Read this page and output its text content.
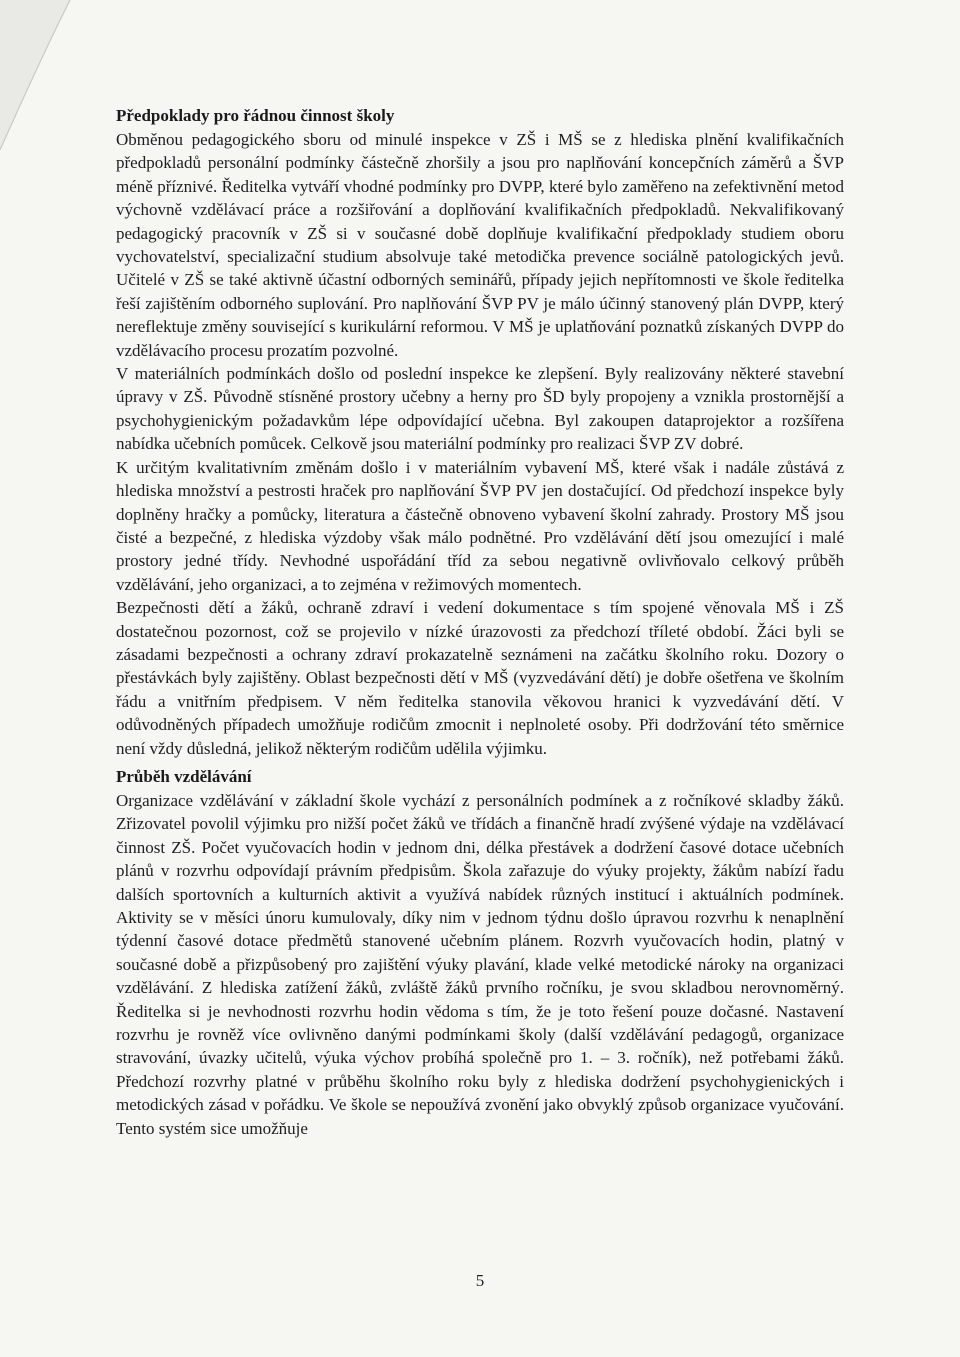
Předpoklady pro řádnou činnost školy

Obměnou pedagogického sboru od minulé inspekce v ZŠ i MŠ se z hlediska plnění kvalifikačních předpokladů personální podmínky částečně zhoršily a jsou pro naplňování koncepčních záměrů a ŠVP méně příznivé. Ředitelka vytváří vhodné podmínky pro DVPP, které bylo zaměřeno na zefektivnění metod výchovně vzdělávací práce a rozšiřování a doplňování kvalifikačních předpokladů. Nekvalifikovaný pedagogický pracovník v ZŠ si v současné době doplňuje kvalifikační předpoklady studiem oboru vychovatelství, specializační studium absolvuje také metodička prevence sociálně patologických jevů. Učitelé v ZŠ se také aktivně účastní odborných seminářů, případy jejich nepřítomnosti ve škole ředitelka řeší zajištěním odborného suplování. Pro naplňování ŠVP PV je málo účinný stanovený plán DVPP, který nereflektuje změny související s kurikulární reformou. V MŠ je uplatňování poznatků získaných DVPP do vzdělávacího procesu prozatím pozvolné.

V materiálních podmínkách došlo od poslední inspekce ke zlepšení. Byly realizovány některé stavební úpravy v ZŠ. Původně stísněné prostory učebny a herny pro ŠD byly propojeny a vznikla prostornější a psychohygienickým požadavkům lépe odpovídající učebna. Byl zakoupen dataprojektor a rozšířena nabídka učebních pomůcek. Celkově jsou materiální podmínky pro realizaci ŠVP ZV dobré.

K určitým kvalitativním změnám došlo i v materiálním vybavení MŠ, které však i nadále zůstává z hlediska množství a pestrosti hraček pro naplňování ŠVP PV jen dostačující. Od předchozí inspekce byly doplněny hračky a pomůcky, literatura a částečně obnoveno vybavení školní zahrady. Prostory MŠ jsou čisté a bezpečné, z hlediska výzdoby však málo podnětné. Pro vzdělávání dětí jsou omezující i malé prostory jedné třídy. Nevhodné uspořádání tříd za sebou negativně ovlivňovalo celkový průběh vzdělávání, jeho organizaci, a to zejména v režimových momentech.

Bezpečnosti dětí a žáků, ochraně zdraví i vedení dokumentace s tím spojené věnovala MŠ i ZŠ dostatečnou pozornost, což se projevilo v nízké úrazovosti za předchozí tříleté období. Žáci byli se zásadami bezpečnosti a ochrany zdraví prokazatelně seznámeni na začátku školního roku. Dozory o přestávkách byly zajištěny. Oblast bezpečnosti dětí v MŠ (vyzvedávání dětí) je dobře ošetřena ve školním řádu a vnitřním předpisem. V něm ředitelka stanovila věkovou hranici k vyzvedávání dětí. V odůvodněných případech umožňuje rodičům zmocnit i neplnoleté osoby. Při dodržování této směrnice není vždy důsledná, jelikož některým rodičům udělila výjimku.

Průběh vzdělávání

Organizace vzdělávání v základní škole vychází z personálních podmínek a z ročníkové skladby žáků. Zřizovatel povolil výjimku pro nižší počet žáků ve třídách a finančně hradí zvýšené výdaje na vzdělávací činnost ZŠ. Počet vyučovacích hodin v jednom dni, délka přestávek a dodržení časové dotace učebních plánů v rozvrhu odpovídají právním předpisům. Škola zařazuje do výuky projekty, žákům nabízí řadu dalších sportovních a kulturních aktivit a využívá nabídek různých institucí i aktuálních podmínek. Aktivity se v měsíci únoru kumulovaly, díky nim v jednom týdnu došlo úpravou rozvrhu k nenaplnění týdenní časové dotace předmětů stanovené učebním plánem. Rozvrh vyučovacích hodin, platný v současné době a přizpůsobený pro zajištění výuky plavání, klade velké metodické nároky na organizaci vzdělávání. Z hlediska zatížení žáků, zvláště žáků prvního ročníku, je svou skladbou nerovnoměrný. Ředitelka si je nevhodnosti rozvrhu hodin vědoma s tím, že je toto řešení pouze dočasné. Nastavení rozvrhu je rovněž více ovlivněno danými podmínkami školy (další vzdělávání pedagogů, organizace stravování, úvazky učitelů, výuka výchov probíhá společně pro 1. – 3. ročník), než potřebami žáků. Předchozí rozvrhy platné v průběhu školního roku byly z hlediska dodržení psychohygienických i metodických zásad v pořádku. Ve škole se nepoužívá zvonění jako obvyklý způsob organizace vyučování. Tento systém sice umožňuje

5
